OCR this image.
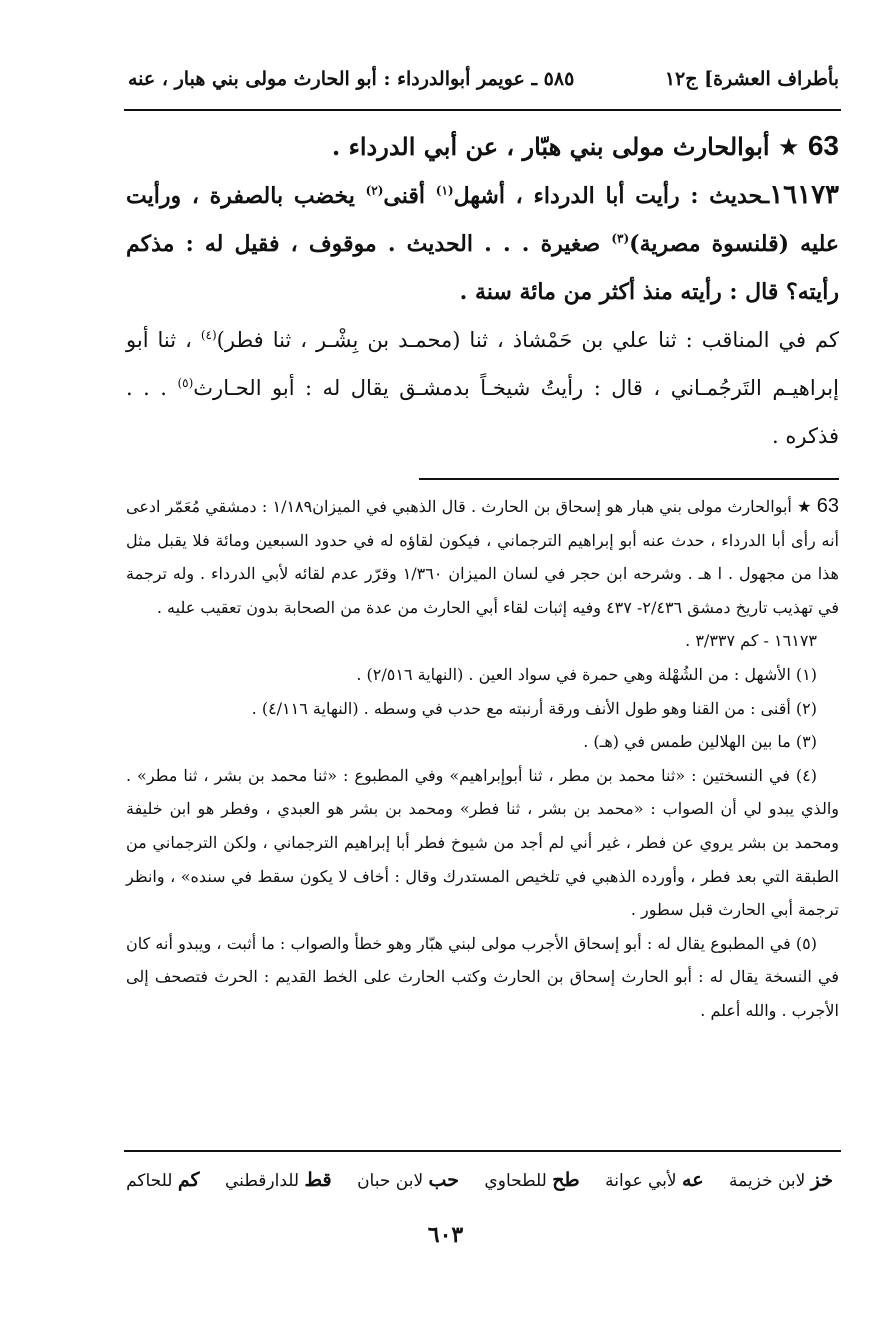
بأطراف العشرة] ج١٢
٥٨٥ ـ عويمر أبوالدرداء : أبو الحارث مولى بني هبار ، عنه
63 ★ أبوالحارث مولى بني هبّار ، عن أبي الدرداء .
١٦١٧٣ـحديث : رأيت أبا الدرداء ، أشهل$^{(١)}$ أقنى$^{(٢)}$ يخضب بالصفرة ، ورأيت عليه (قلنسوة مصرية)$^{(٣)}$ صغيرة . . . الحديث . موقوف ، فقيل له : مذكم رأيته؟ قال : رأيته منذ أكثر من مائة سنة .
كم في المناقب : ثنا علي بن حَمْشاذ ، ثنا (محمـد بن بِشْـر ، ثنا فطر)$^{(٤)}$ ، ثنا أبو إبراهيـم التَرجُمـاني ، قال : رأيتُ شيخـاً بدمشـق يقال له : أبو الحـارث$^{(٥)}$ . . . فذكره .

63 ★ أبوالحارث مولى بني هبار هو إسحاق بن الحارث . قال الذهبي في الميزان١/١٨٩ : دمشقي مُعَمّر ادعى أنه رأى أبا الدرداء ، حدث عنه أبو إبراهيم الترجماني ، فيكون لقاؤه له في حدود السبعين ومائة فلا يقبل مثل هذا من مجهول . ا هـ . وشرحه ابن حجر في لسان الميزان ١/٣٦٠ وقرّر عدم لقائه لأبي الدرداء . وله ترجمة في تهذيب تاريخ دمشق ٢/٤٣٦- ٤٣٧ وفيه إثبات لقاء أبي الحارث من عدة من الصحابة بدون تعقيب عليه .

١٦١٧٣ - كم ٣/٣٣٧ .

(١) الأشهل : من الشُهْلة وهي حمرة في سواد العين . (النهاية ٢/٥١٦) .

(٢) أقنى : من القنا وهو طول الأنف ورقة أرنبته مع حدب في وسطه . (النهاية ٤/١١٦) .

(٣) ما بين الهلالين طمس في (هـ) .

(٤) في النسختين : «ثنا محمد بن مطر ، ثنا أبوإبراهيم» وفي المطبوع : «ثنا محمد بن بشر ، ثنا مطر» . والذي يبدو لي أن الصواب : «محمد بن بشر ، ثنا فطر» ومحمد بن بشر هو العبدي ، وفطر هو ابن خليفة ومحمد بن بشر يروي عن فطر ، غير أني لم أجد من شيوخ فطر أبا إبراهيم الترجماني ، ولكن الترجماني من الطبقة التي بعد فطر ، وأورده الذهبي في تلخيص المستدرك وقال : أخاف لا يكون سقط في سنده» ، وانظر ترجمة أبي الحارث قبل سطور .

(٥) في المطبوع يقال له : أبو إسحاق الأجرب مولى لبني هبّار وهو خطأ والصواب : ما أثبت ، ويبدو أنه كان في النسخة يقال له : أبو الحارث إسحاق بن الحارث وكتب الحارث على الخط القديم : الحرث فتصحف إلى الأجرب . والله أعلم .

خز لابن خزيمة
عه لأبي عوانة
طح للطحاوي
حب لابن حبان
قط للدارقطني
كم للحاكم
٦٠٣
